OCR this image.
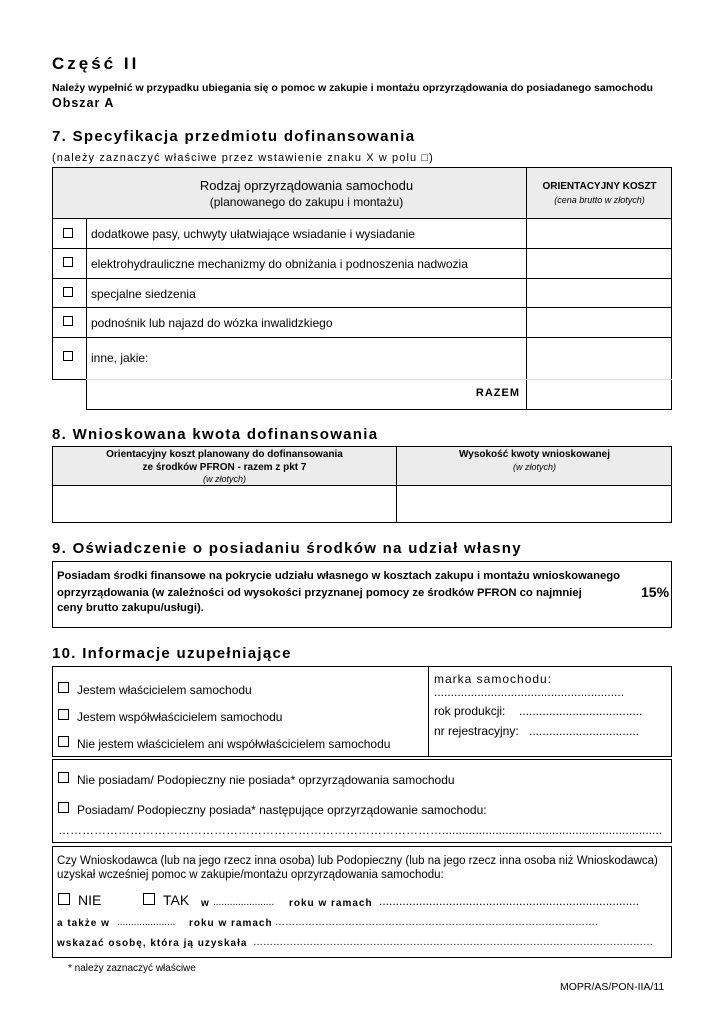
Część II
Należy wypełnić w przypadku ubiegania się o pomoc w zakupie i montażu oprzyrządowania do posiadanego samochodu
Obszar A
7. Specyfikacja przedmiotu dofinansowania
(należy zaznaczyć właściwe przez wstawienie znaku X w polu □)
Rodzaj oprzyrządowania samochodu
(planowanego do zakupu i montażu)
ORIENTACYJNY KOSZT
(cena brutto w złotych)
dodatkowe pasy, uchwyty ułatwiające wsiadanie i wysiadanie
elektrohydrauliczne mechanizmy do obniżania i podnoszenia nadwozia
specjalne siedzenia
podnośnik lub najazd do wózka inwalidzkiego
inne, jakie:
RAZEM
8. Wnioskowana kwota dofinansowania
Orientacyjny koszt planowany do dofinansowania
ze środków PFRON - razem z pkt 7
(w złotych)
Wysokość kwoty wnioskowanej
(w złotych)
9. Oświadczenie o posiadaniu środków na udział własny
Posiadam środki finansowe na pokrycie udziału własnego w kosztach zakupu i montażu wnioskowanego
oprzyrządowania (w zależności od wysokości przyznanej pomocy ze środków PFRON co najmniej	15%
ceny brutto zakupu/usługi).
10. Informacje uzupełniające
Jestem właścicielem samochodu
Jestem współwłaścicielem samochodu
Nie jestem właścicielem ani współwłaścicielem samochodu
marka samochodu:
.........................................................
rok produkcji: .....................................
nr rejestracyjny: .................................
Nie posiadam/ Podopieczny nie posiada* oprzyrządowania samochodu
Posiadam/ Podopieczny posiada* następujące oprzyrządowanie samochodu:
……………………………………………………………………………………..................................................................
Czy Wnioskodawca (lub na jego rzecz inna osoba) lub Podopieczny (lub na jego rzecz inna osoba niż Wnioskodawca)
uzyskał wcześniej pomoc w zakupie/montażu oprzyrządowania samochodu:
NIE	TAK w ......................	roku w ramach ..............................................................................
a także w .....................	roku w ramach …………………………………………………………………………………….
wskazać osobę, która ją uzyskała …………………………………………………………………………………………………………
* należy zaznaczyć właściwe
MOPR/AS/PON-IIA/11
